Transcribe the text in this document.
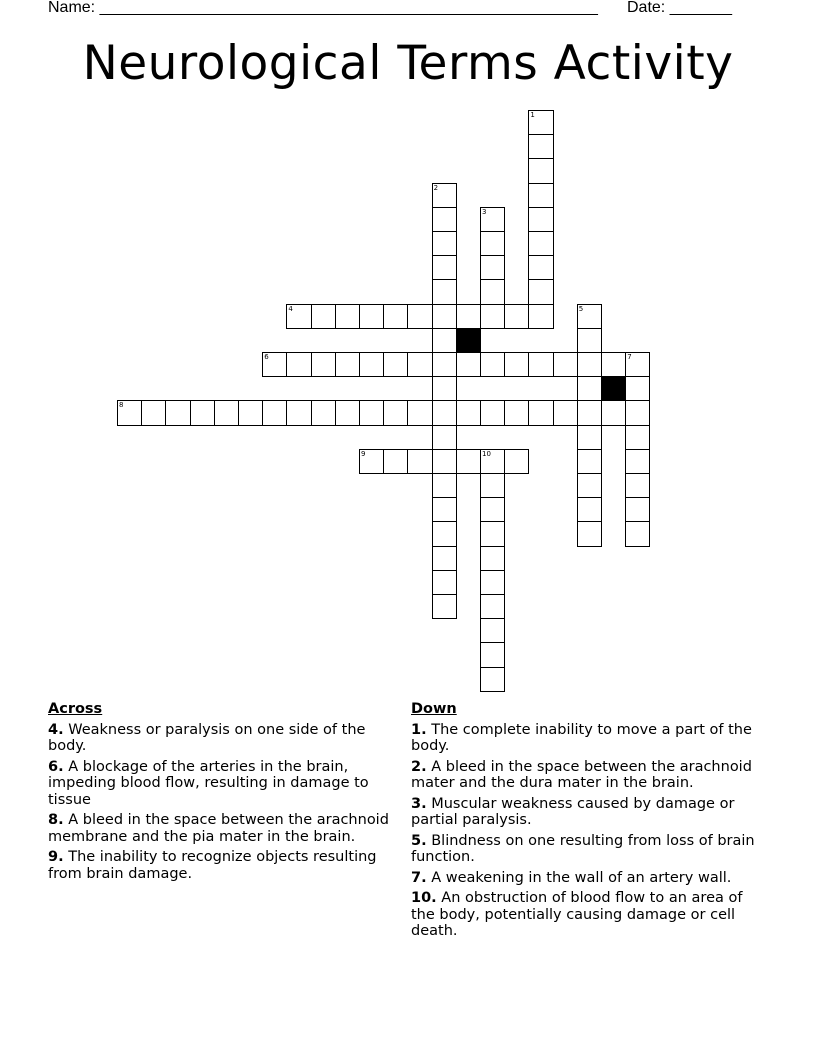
Name: ________________________________________________________ Date: _______
Neurological Terms Activity
1
2
3
4	5
6	7
8
9	10
Across
4. Weakness or paralysis on one side of the body.
6. A blockage of the arteries in the brain, impeding blood flow, resulting in damage to tissue
8. A bleed in the space between the arachnoid membrane and the pia mater in the brain.
9. The inability to recognize objects resulting from brain damage.
Down
1. The complete inability to move a part of the body.
2. A bleed in the space between the arachnoid mater and the dura mater in the brain.
3. Muscular weakness caused by damage or partial paralysis.
5. Blindness on one resulting from loss of brain function.
7. A weakening in the wall of an artery wall.
10. An obstruction of blood flow to an area of the body, potentially causing damage or cell death.
